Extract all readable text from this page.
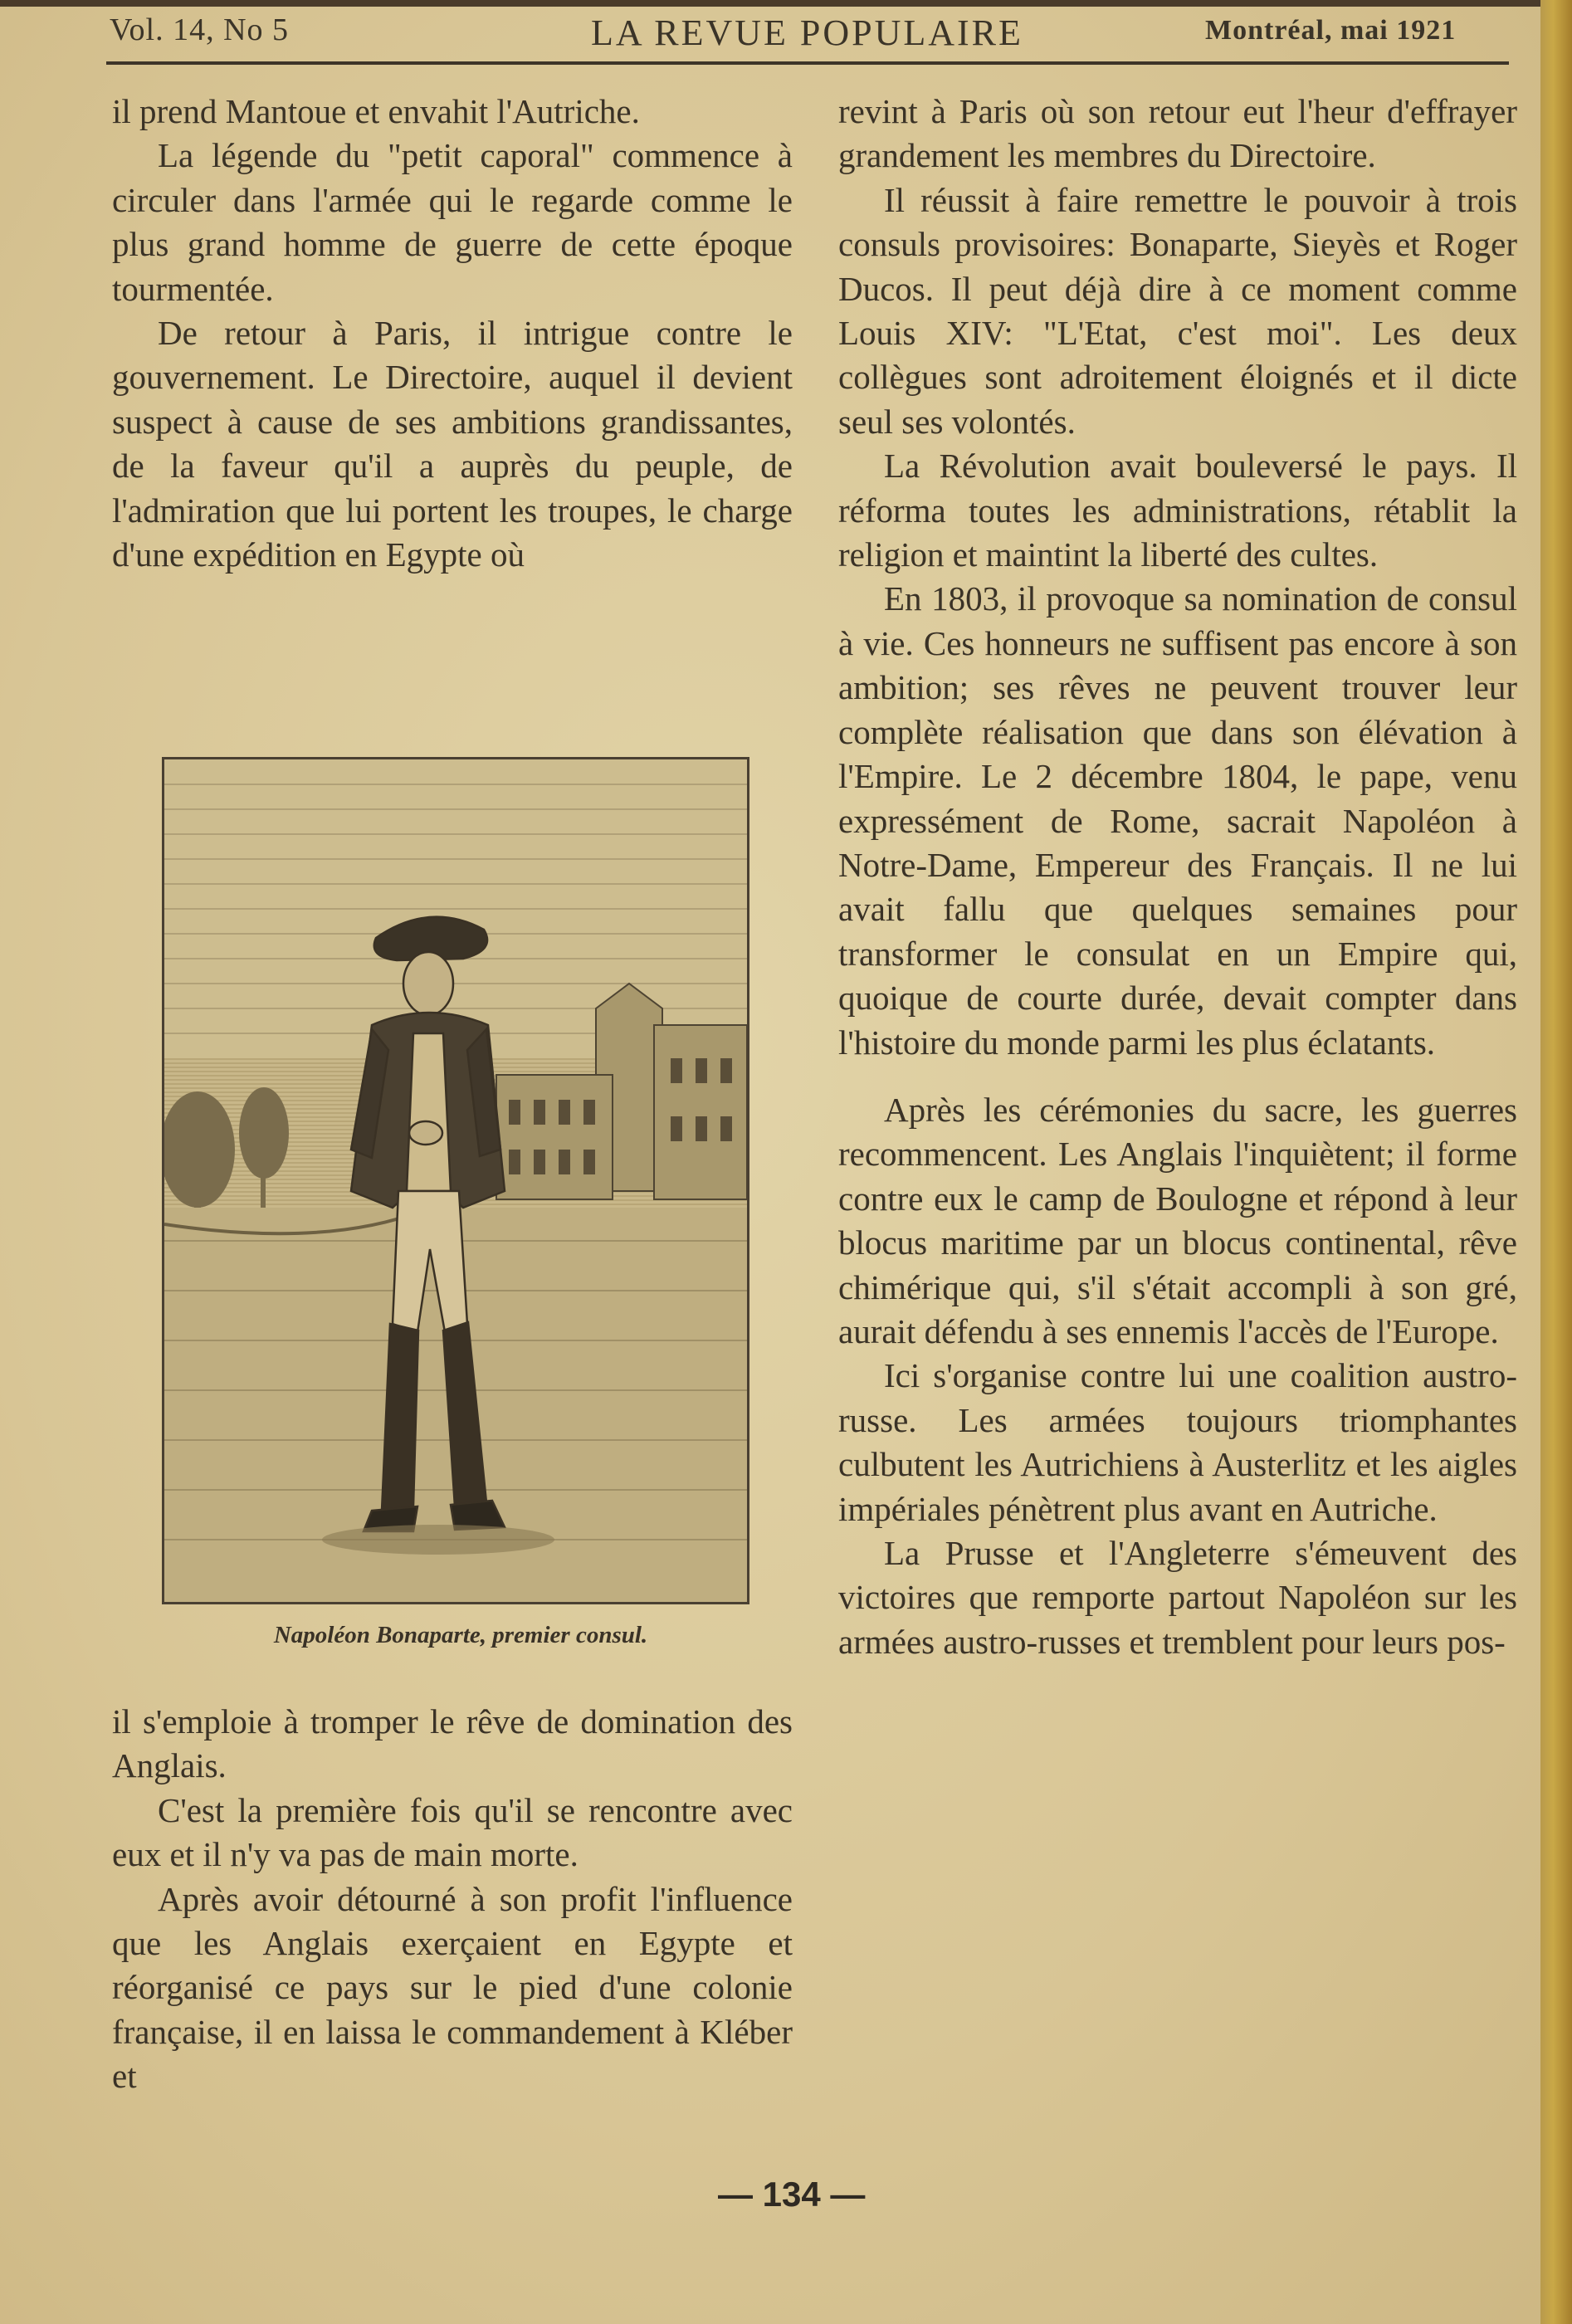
Vol. 14, No 5	LA REVUE POPULAIRE	Montréal, mai 1921

il prend Mantoue et envahit l'Autriche.

La légende du "petit caporal" commence à circuler dans l'armée qui le regarde comme le plus grand homme de guerre de cette époque tourmentée.

De retour à Paris, il intrigue contre le gouvernement. Le Directoire, auquel il devient suspect à cause de ses ambitions grandissantes, de la faveur qu'il a auprès du peuple, de l'admiration que lui portent les troupes, le charge d'une expédition en Egypte où

Napoléon Bonaparte, premier consul.

il s'emploie à tromper le rêve de domination des Anglais.

C'est la première fois qu'il se rencontre avec eux et il n'y va pas de main morte.

Après avoir détourné à son profit l'influence que les Anglais exerçaient en Egypte et réorganisé ce pays sur le pied d'une colonie française, il en laissa le commandement à Kléber et

revint à Paris où son retour eut l'heur d'effrayer grandement les membres du Directoire.

Il réussit à faire remettre le pouvoir à trois consuls provisoires: Bonaparte, Sieyès et Roger Ducos. Il peut déjà dire à ce moment comme Louis XIV: "L'Etat, c'est moi". Les deux collègues sont adroitement éloignés et il dicte seul ses volontés.

La Révolution avait bouleversé le pays. Il réforma toutes les administrations, rétablit la religion et maintint la liberté des cultes.

En 1803, il provoque sa nomination de consul à vie. Ces honneurs ne suffisent pas encore à son ambition; ses rêves ne peuvent trouver leur complète réalisation que dans son élévation à l'Empire. Le 2 décembre 1804, le pape, venu expressément de Rome, sacrait Napoléon à Notre-Dame, Empereur des Français. Il ne lui avait fallu que quelques semaines pour transformer le consulat en un Empire qui, quoique de courte durée, devait compter dans l'histoire du monde parmi les plus éclatants.

Après les cérémonies du sacre, les guerres recommencent. Les Anglais l'inquiètent; il forme contre eux le camp de Boulogne et répond à leur blocus maritime par un blocus continental, rêve chimérique qui, s'il s'était accompli à son gré, aurait défendu à ses ennemis l'accès de l'Europe.

Ici s'organise contre lui une coalition austro-russe. Les armées toujours triomphantes culbutent les Autrichiens à Austerlitz et les aigles impériales pénètrent plus avant en Autriche.

La Prusse et l'Angleterre s'émeuvent des victoires que remporte partout Napoléon sur les armées austro-russes et tremblent pour leurs pos-

— 134 —
